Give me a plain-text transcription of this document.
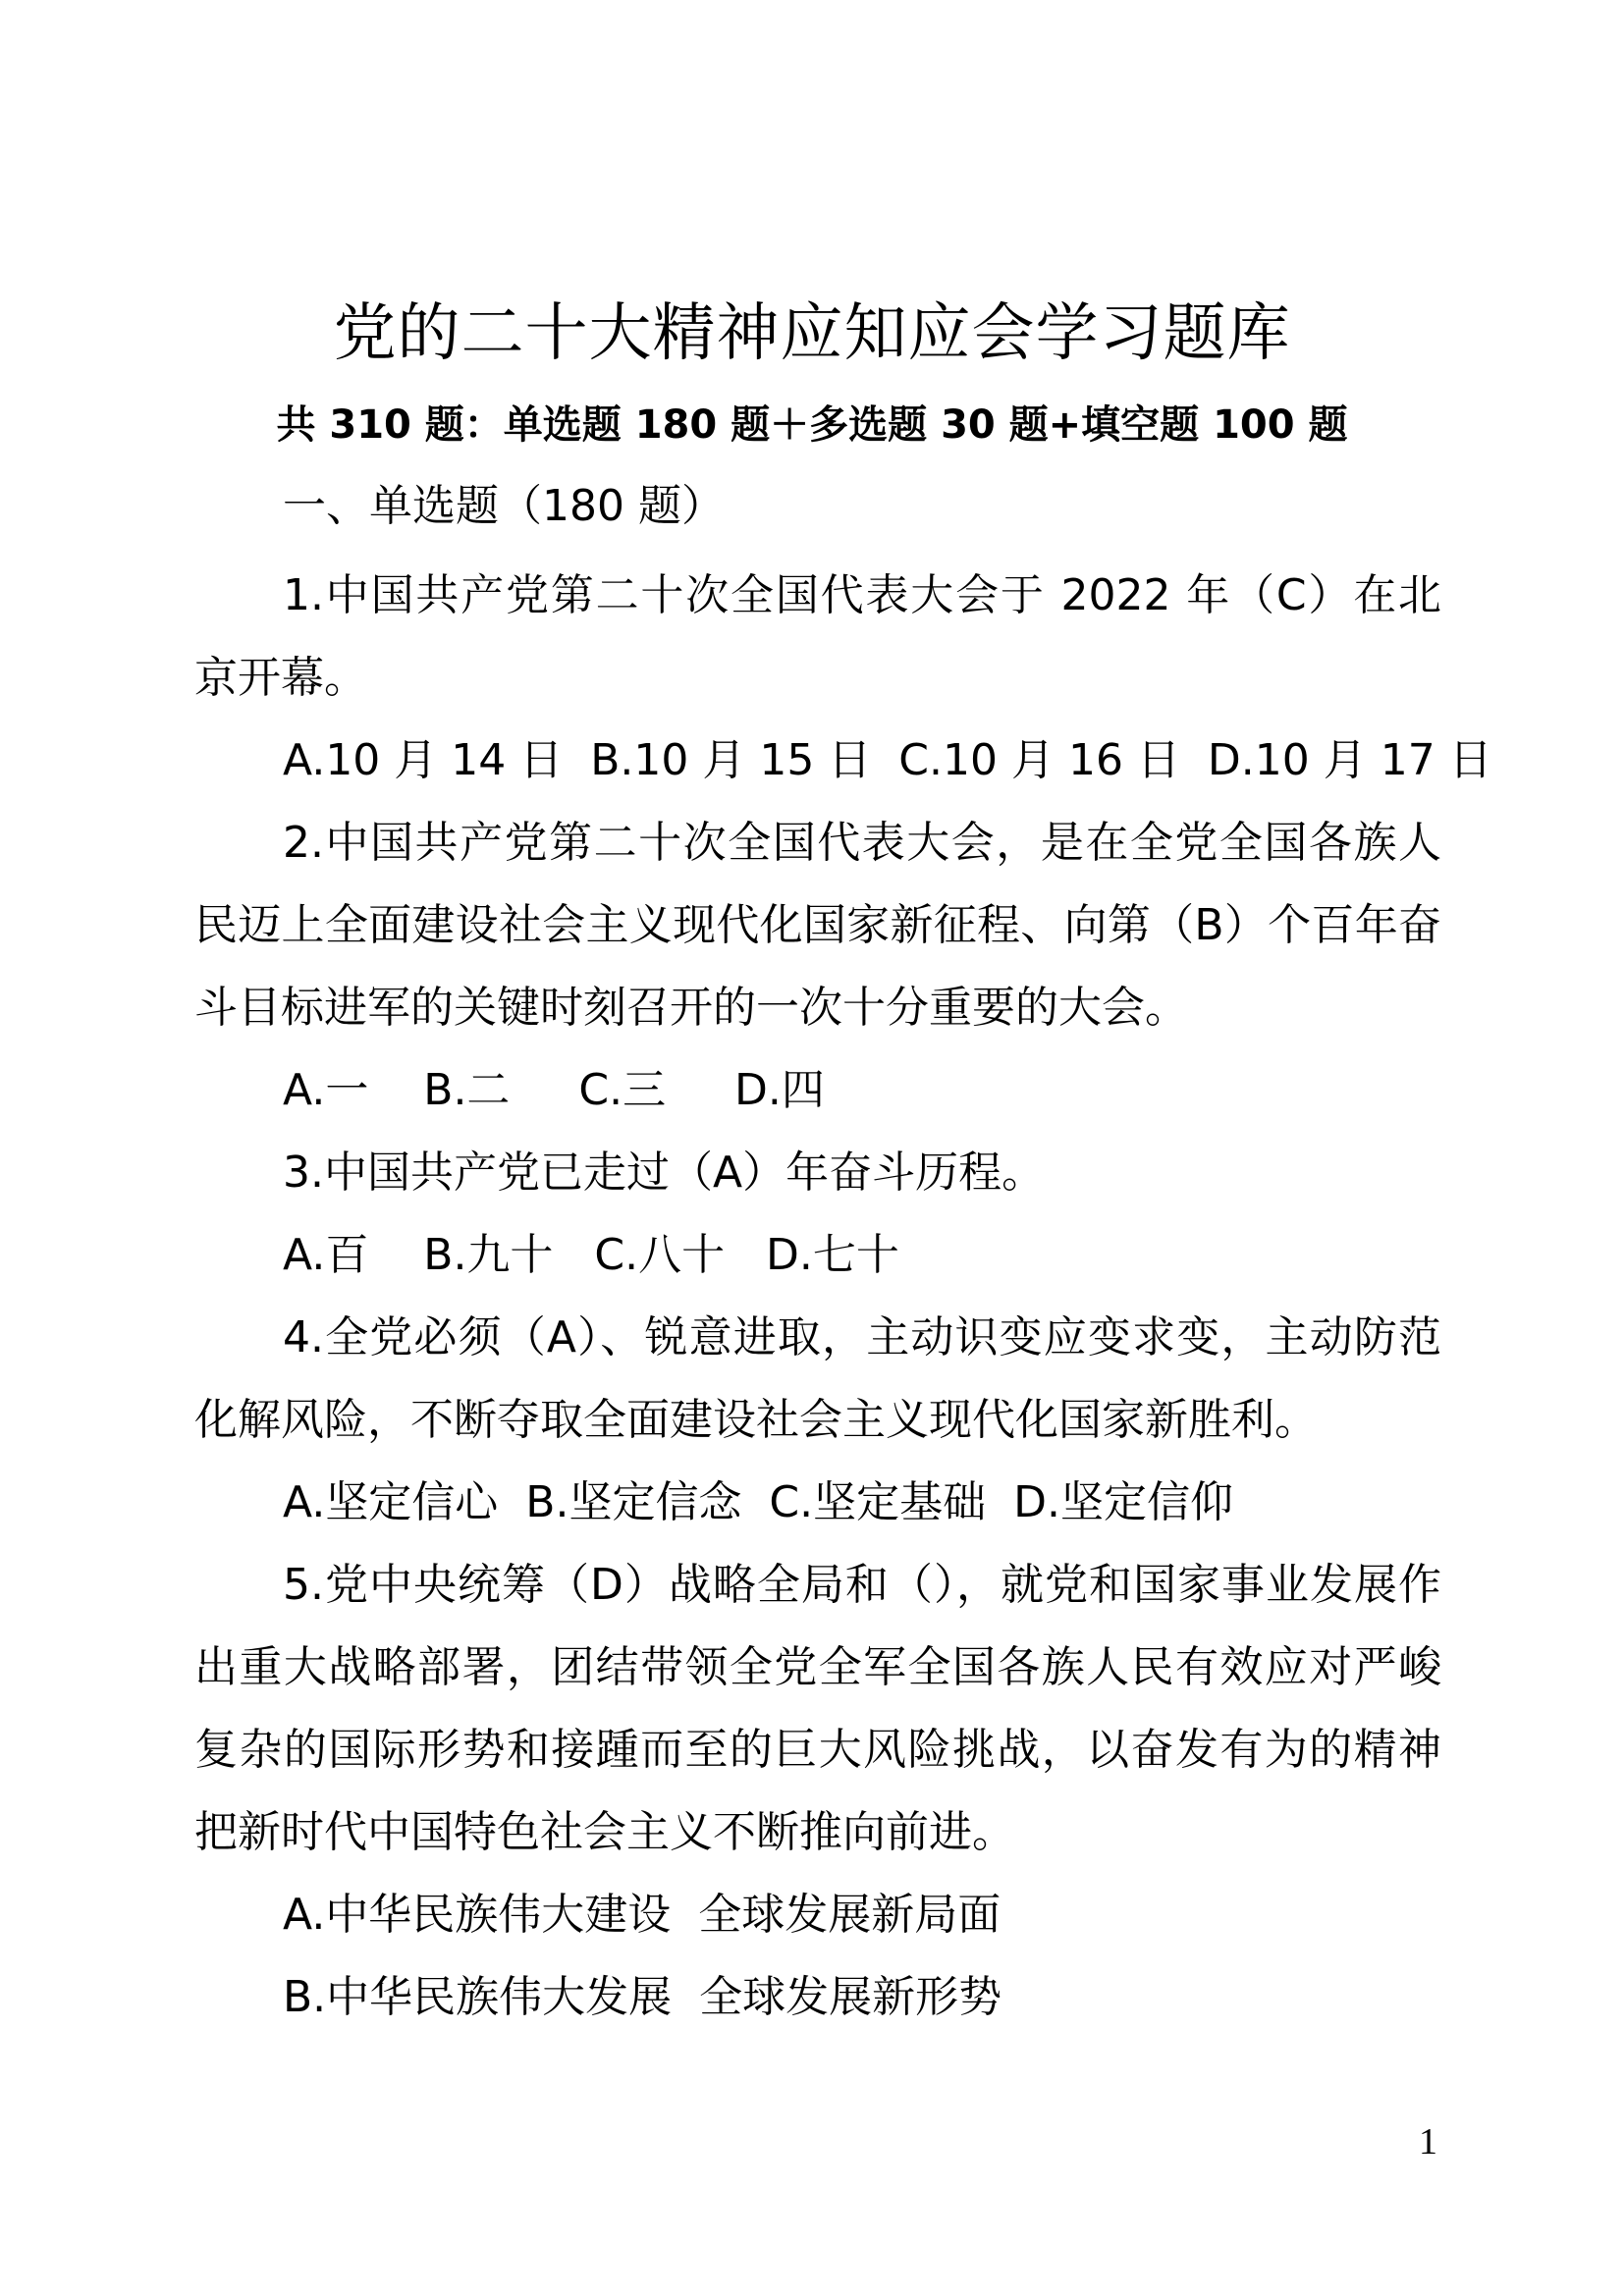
党的二十大精神应知应会学习题库
共 310 题：单选题 180 题＋多选题 30 题+填空题 100 题
一、单选题（180 题）

1.中国共产党第二十次全国代表大会于 2022 年（C）在北京开幕。

A.10 月 14 日  B.10 月 15 日  C.10 月 16 日  D.10 月 17 日

2.中国共产党第二十次全国代表大会，是在全党全国各族人民迈上全面建设社会主义现代化国家新征程、向第（B）个百年奋斗目标进军的关键时刻召开的一次十分重要的大会。

A.一    B.二     C.三     D.四

3.中国共产党已走过（A）年奋斗历程。

A.百    B.九十   C.八十   D.七十

4.全党必须（A）、锐意进取，主动识变应变求变，主动防范化解风险，不断夺取全面建设社会主义现代化国家新胜利。

A.坚定信心  B.坚定信念  C.坚定基础  D.坚定信仰

5.党中央统筹（D）战略全局和（），就党和国家事业发展作出重大战略部署，团结带领全党全军全国各族人民有效应对严峻复杂的国际形势和接踵而至的巨大风险挑战，以奋发有为的精神把新时代中国特色社会主义不断推向前进。

A.中华民族伟大建设  全球发展新局面

B.中华民族伟大发展  全球发展新形势

1
